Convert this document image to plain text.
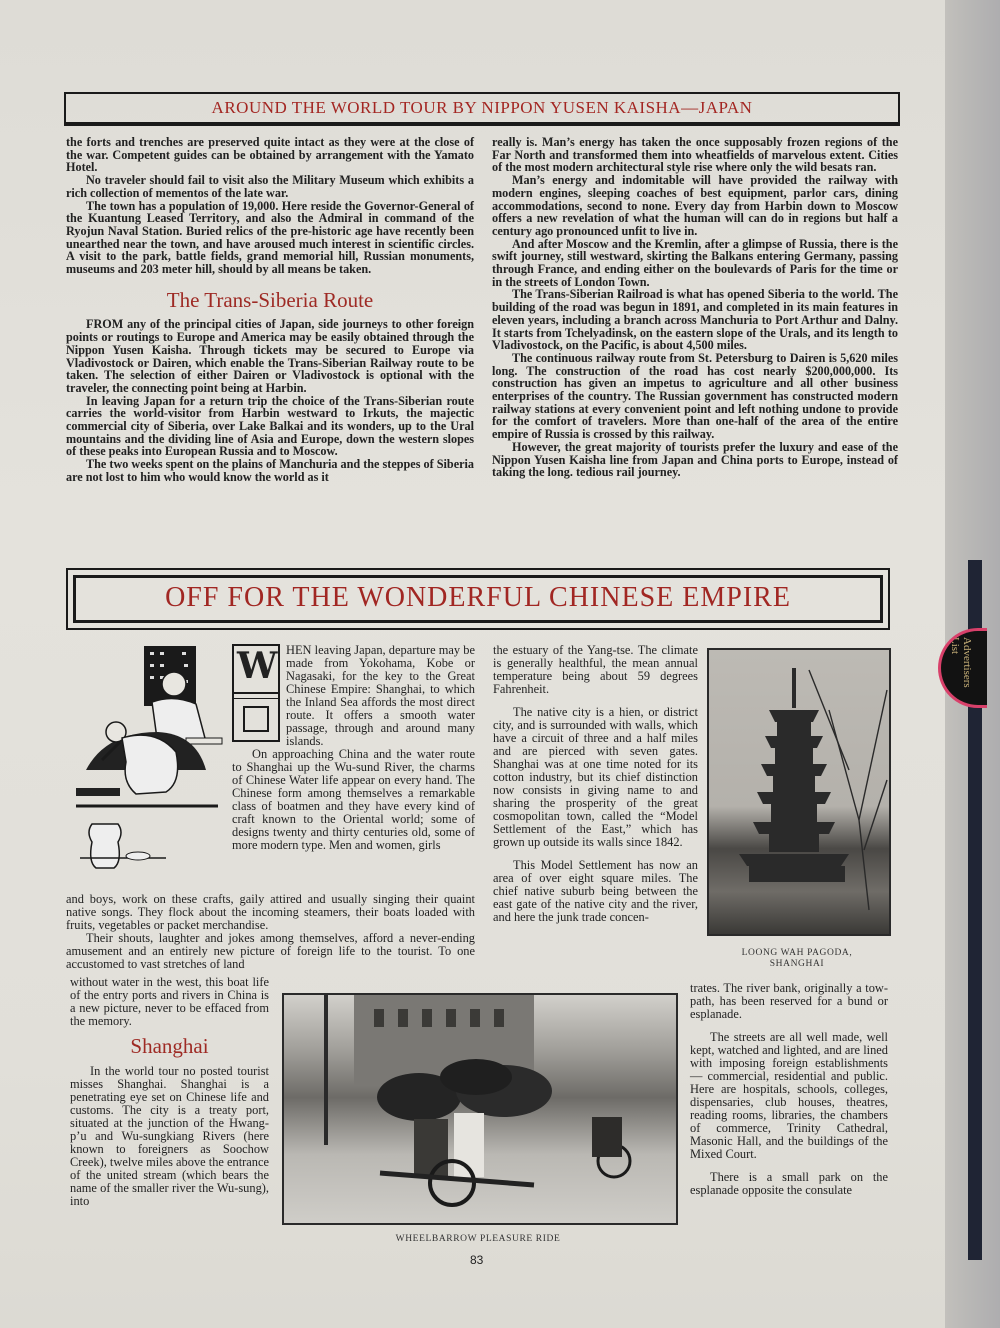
Advertisers List
AROUND THE WORLD TOUR BY NIPPON YUSEN KAISHA—JAPAN

the forts and trenches are preserved quite intact as they were at the close of the war. Competent guides can be obtained by arrangement with the Yamato Hotel.

No traveler should fail to visit also the Military Museum which exhibits a rich collection of mementos of the late war.

The town has a population of 19,000. Here reside the Governor-General of the Kuantung Leased Territory, and also the Admiral in command of the Ryojun Naval Station. Buried relics of the pre-historic age have recently been unearthed near the town, and have aroused much interest in scientific circles. A visit to the park, battle fields, grand memorial hill, Russian monuments, museums and 203 meter hill, should by all means be taken.

The Trans-Siberia Route

FROM any of the principal cities of Japan, side journeys to other foreign points or routings to Europe and America may be easily obtained through the Nippon Yusen Kaisha. Through tickets may be secured to Europe via Vladivostock or Dairen, which enable the Trans-Siberian Railway route to be taken. The selection of either Dairen or Vladivostock is optional with the traveler, the connecting point being at Harbin.

In leaving Japan for a return trip the choice of the Trans-Siberian route carries the world-visitor from Harbin westward to Irkuts, the majectic commercial city of Siberia, over Lake Balkai and its wonders, up to the Ural mountains and the dividing line of Asia and Europe, down the western slopes of these peaks into European Russia and to Moscow.

The two weeks spent on the plains of Manchuria and the steppes of Siberia are not lost to him who would know the world as it

really is. Man’s energy has taken the once supposably frozen regions of the Far North and transformed them into wheatfields of marvelous extent. Cities of the most modern architectural style rise where only the wild besats ran.

Man’s energy and indomitable will have provided the railway with modern engines, sleeping coaches of best equipment, parlor cars, dining accommodations, second to none. Every day from Harbin down to Moscow offers a new revelation of what the human will can do in regions but half a century ago pronounced unfit to live in.

And after Moscow and the Kremlin, after a glimpse of Russia, there is the swift journey, still westward, skirting the Balkans entering Germany, passing through France, and ending either on the boulevards of Paris for the time or in the streets of London Town.

The Trans-Siberian Railroad is what has opened Siberia to the world. The building of the road was begun in 1891, and completed in its main features in eleven years, including a branch across Manchuria to Port Arthur and Dalny. It starts from Tchelyadinsk, on the eastern slope of the Urals, and its length to Vladivostock, on the Pacific, is about 4,500 miles.

The continuous railway route from St. Petersburg to Dairen is 5,620 miles long. The construction of the road has cost nearly $200,000,000. Its construction has given an impetus to agriculture and all other business enterprises of the country. The Russian government has constructed modern railway stations at every convenient point and left nothing undone to provide for the comfort of travelers. More than one-half of the area of the entire empire of Russia is crossed by this railway.

However, the great majority of tourists prefer the luxury and ease of the Nippon Yusen Kaisha line from Japan and China ports to Europe, instead of taking the long. tedious rail journey.

OFF FOR THE WONDERFUL CHINESE EMPIRE
W HEN leaving Japan, departure may be made from Yokohama, Kobe or Nagasaki, for the key to the Great Chinese Empire: Shanghai, to which the Inland Sea affords the most direct route. It offers a smooth water passage, through and around many islands.

On approaching China and the water route to Shanghai up the Wu-sund River, the charms of Chinese Water life appear on every hand. The Chinese form among themselves a remarkable class of boatmen and they have every kind of craft known to the Oriental world; some of designs twenty and thirty centuries old, some of more modern type. Men and women, girls

and boys, work on these crafts, gaily attired and usually singing their quaint native songs. They flock about the incoming steamers, their boats loaded with fruits, vegetables or packet merchandise.

Their shouts, laughter and jokes among themselves, afford a never-ending amusement and an entirely new picture of foreign life to the tourist. To one accustomed to vast stretches of land

without water in the west, this boat life of the entry ports and rivers in China is a new picture, never to be effaced from the memory.

Shanghai

In the world tour no posted tourist misses Shanghai. Shanghai is a penetrating eye set on Chinese life and customs. The city is a treaty port, situated at the junction of the Hwang-p’u and Wu-sungkiang Rivers (here known to foreigners as Soochow Creek), twelve miles above the entrance of the united stream (which bears the name of the smaller river the Wu-sung), into

the estuary of the Yang-tse. The climate is generally healthful, the mean annual temperature being about 59 degrees Fahrenheit.

The native city is a hien, or district city, and is surrounded with walls, which have a circuit of three and a half miles and are pierced with seven gates. Shanghai was at one time noted for its cotton industry, but its chief distinction now consists in giving name to and sharing the prosperity of the great cosmopolitan town, called the “Model Settlement of the East,” which has grown up outside its walls since 1842.

This Model Settlement has now an area of over eight square miles. The chief native suburb being between the east gate of the native city and the river, and here the junk trade concen-

LOONG WAH PAGODA,
SHANGHAI

trates. The river bank, originally a tow-path, has been reserved for a bund or esplanade.

The streets are all well made, well kept, watched and lighted, and are lined with imposing foreign establishments — commercial, residential and public. Here are hospitals, schools, colleges, dispensaries, club houses, theatres, reading rooms, libraries, the chambers of commerce, Trinity Cathedral, Masonic Hall, and the buildings of the Mixed Court.

There is a small park on the esplanade opposite the consulate

WHEELBARROW PLEASURE RIDE
83
